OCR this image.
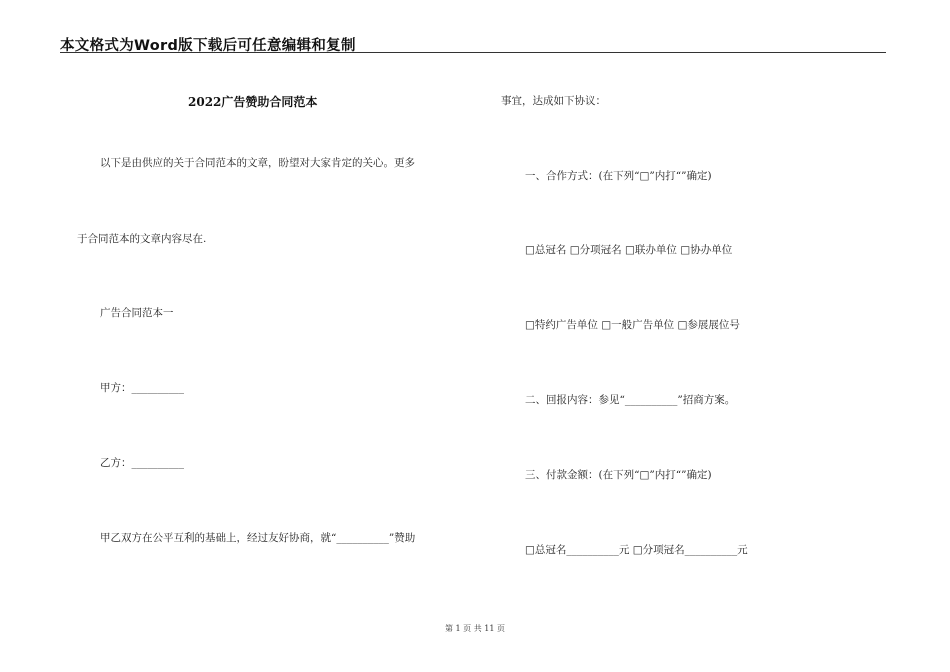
本文格式为Word版下载后可任意编辑和复制
2022广告赞助合同范本
以下是由供应的关于合同范本的文章，盼望对大家肯定的关心。更多
于合同范本的文章内容尽在.
广告合同范本一
甲方：__________
乙方：__________
甲乙双方在公平互利的基础上，经过友好协商，就“__________”赞助
事宜，达成如下协议：
一、合作方式：(在下列“□”内打“”确定)
□总冠名 □分项冠名 □联办单位 □协办单位
□特约广告单位 □一般广告单位 □参展展位号
二、回报内容：参见“__________”招商方案。
三、付款金额：(在下列“□”内打“”确定)
□总冠名__________元 □分项冠名__________元
第 1 页 共 11 页
